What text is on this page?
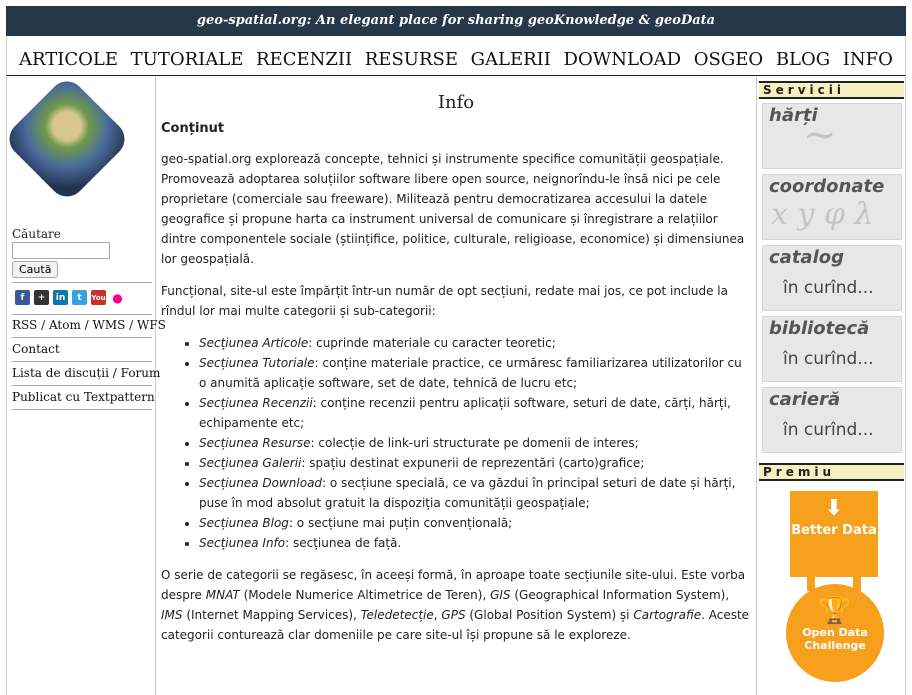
geo-spatial.org: An elegant place for sharing geoKnowledge & geoData
ARTICOLE TUTORIALE RECENZII RESURSE GALERII DOWNLOAD OSGEO BLOG INFO
Căutare
Caută
f	+	in	t	You ●
RSS / Atom / WMS / WFS
Contact
Lista de discuții / Forum
Publicat cu Textpattern
Info
Conținut

geo-spatial.org explorează concepte, tehnici și instrumente specifice comunității geospațiale. Promovează adoptarea soluțiilor software libere open source, neignorîndu-le însă nici pe cele proprietare (comerciale sau freeware). Militează pentru democratizarea accesului la datele geografice și propune harta ca instrument universal de comunicare și înregistrare a relațiilor dintre componentele sociale (științifice, politice, culturale, religioase, economice) și dimensiunea lor geospațială.

Funcțional, site-ul este împărțit într-un număr de opt secțiuni, redate mai jos, ce pot include la rîndul lor mai multe categorii și sub-categorii:

• Secțiunea Articole: cuprinde materiale cu caracter teoretic;
• Secțiunea Tutoriale: conține materiale practice, ce urmăresc familiarizarea utilizatorilor cu o anumită aplicație software, set de date, tehnică de lucru etc;
• Secțiunea Recenzii: conține recenzii pentru aplicații software, seturi de date, cărți, hărți, echipamente etc;
• Secțiunea Resurse: colecție de link-uri structurate pe domenii de interes;
• Secțiunea Galerii: spațiu destinat expunerii de reprezentări (carto)grafice;
• Secțiunea Download: o secțiune specială, ce va găzdui în principal seturi de date și hărți, puse în mod absolut gratuit la dispoziția comunității geospațiale;
• Secțiunea Blog: o secțiune mai puțin convențională;
• Secțiunea Info: secțiunea de față.

O serie de categorii se regăsesc, în aceeși formă, în aproape toate secțiunile site-ului. Este vorba despre MNAT (Modele Numerice Altimetrice de Teren), GIS (Geographical Information System), IMS (Internet Mapping Services), Teledetecție, GPS (Global Position System) și Cartografie. Aceste categorii conturează clar domeniile pe care site-ul își propune să le exploreze.

Servicii
~
hărți
x y φ λ
coordonate
catalog
în curînd...
bibliotecă
în curînd...
carieră
în curînd...
Premiu
⬇
Better Data
🏆
Open Data Challenge
